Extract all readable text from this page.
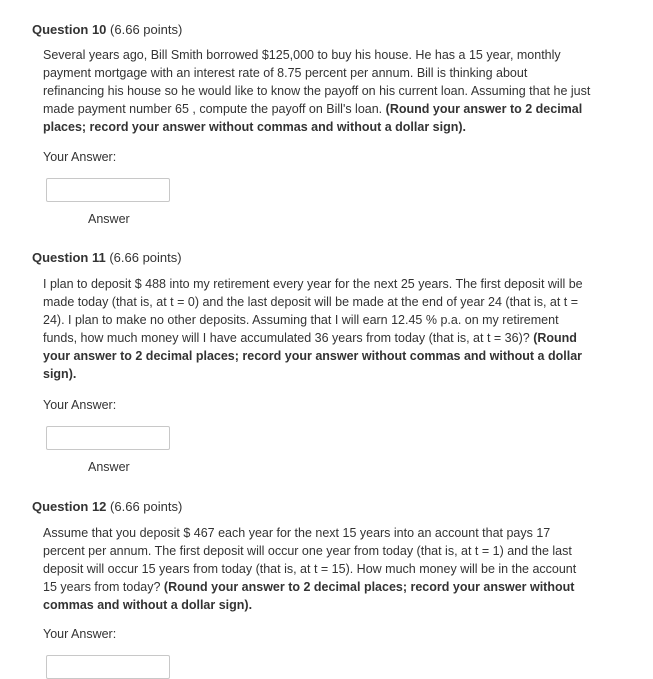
Question 10 (6.66 points)
Several years ago, Bill Smith borrowed $125,000 to buy his house. He has a 15 year, monthly payment mortgage with an interest rate of 8.75 percent per annum. Bill is thinking about refinancing his house so he would like to know the payoff on his current loan. Assuming that he just made payment number 65 , compute the payoff on Bill's loan. (Round your answer to 2 decimal places; record your answer without commas and without a dollar sign).
Your Answer:
Answer
Question 11 (6.66 points)
I plan to deposit $ 488 into my retirement every year for the next 25 years. The first deposit will be made today (that is, at t = 0) and the last deposit will be made at the end of year 24 (that is, at t = 24). I plan to make no other deposits. Assuming that I will earn 12.45 % p.a. on my retirement funds, how much money will I have accumulated 36 years from today (that is, at t = 36)? (Round your answer to 2 decimal places; record your answer without commas and without a dollar sign).
Your Answer:
Answer
Question 12 (6.66 points)
Assume that you deposit $ 467 each year for the next 15 years into an account that pays 17 percent per annum. The first deposit will occur one year from today (that is, at t = 1) and the last deposit will occur 15 years from today (that is, at t = 15). How much money will be in the account 15 years from today? (Round your answer to 2 decimal places; record your answer without commas and without a dollar sign).
Your Answer:
